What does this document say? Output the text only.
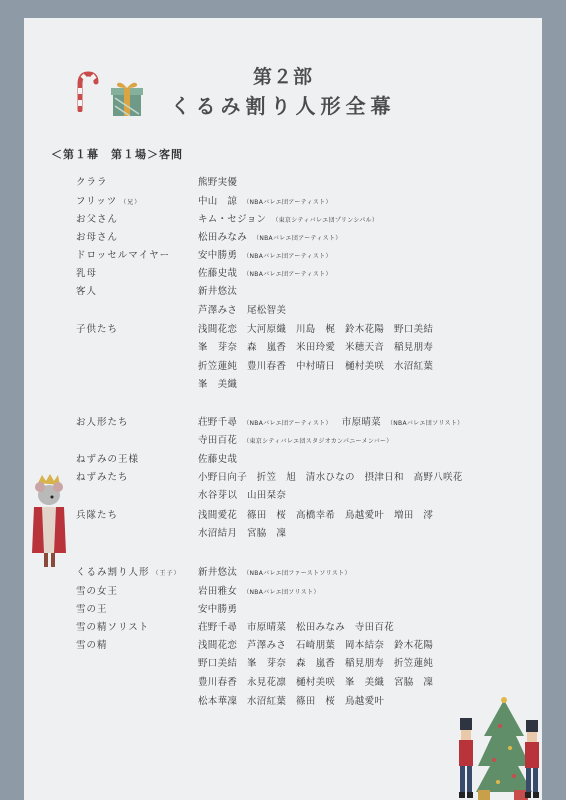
第２部
くるみ割り人形全幕
＜第１幕　第１場＞客間
クララ	熊野実優
フリッツ （兄）	中山　諒 （NBAバレエ団アーティスト）
お父さん	キム・セジョン （東京シティバレエ団プリンシパル）
お母さん	松田みなみ （NBAバレエ団アーティスト）
ドロッセルマイヤー	安中勝勇 （NBAバレエ団アーティスト）
乳母	佐藤史哉 （NBAバレエ団アーティスト）
客人	新井悠汰
芦澤みさ　尾松智美
子供たち	浅間花恋　大河原織　川島　梶　鈴木花陽　野口美結
峯　芽奈　森　嵐香　米田玲愛　米穂天音　稲見朋寿
折笠蓮純　豊川春香　中村晴日　樋村美咲　水沼紅葉
峯　美織
お人形たち	荘野千尋 （NBAバレエ団アーティスト） 市原晴菜 （NBAバレエ団ソリスト）
寺田百花 （東京シティバレエ団スタジオカンパニーメンバー）
ねずみの王様	佐藤史哉
ねずみたち	小野日向子　折笠　旭　清水ひなの　摂津日和　高野八咲花
水谷芽以　山田栞奈
兵隊たち	浅間愛花　篠田　桜　高橋幸希　鳥越愛叶　増田　澪
水沼結月　宮脇　凜
くるみ割り人形 （王子） 新井悠汰 （NBAバレエ団ファーストソリスト）
雪の女王	岩田雅女 （NBAバレエ団ソリスト）
雪の王	安中勝勇
雪の精ソリスト	荘野千尋　市原晴菜　松田みなみ　寺田百花
雪の精	浅間花恋　芦澤みさ　石崎朋葉　岡本結奈　鈴木花陽
野口美結　峯　芽奈　森　嵐香　稲見朋寿　折笠蓮純
豊川春香　永見花凛　樋村美咲　峯　美織　宮脇　凜
松本華凜　水沼紅葉　篠田　桜　鳥越愛叶
